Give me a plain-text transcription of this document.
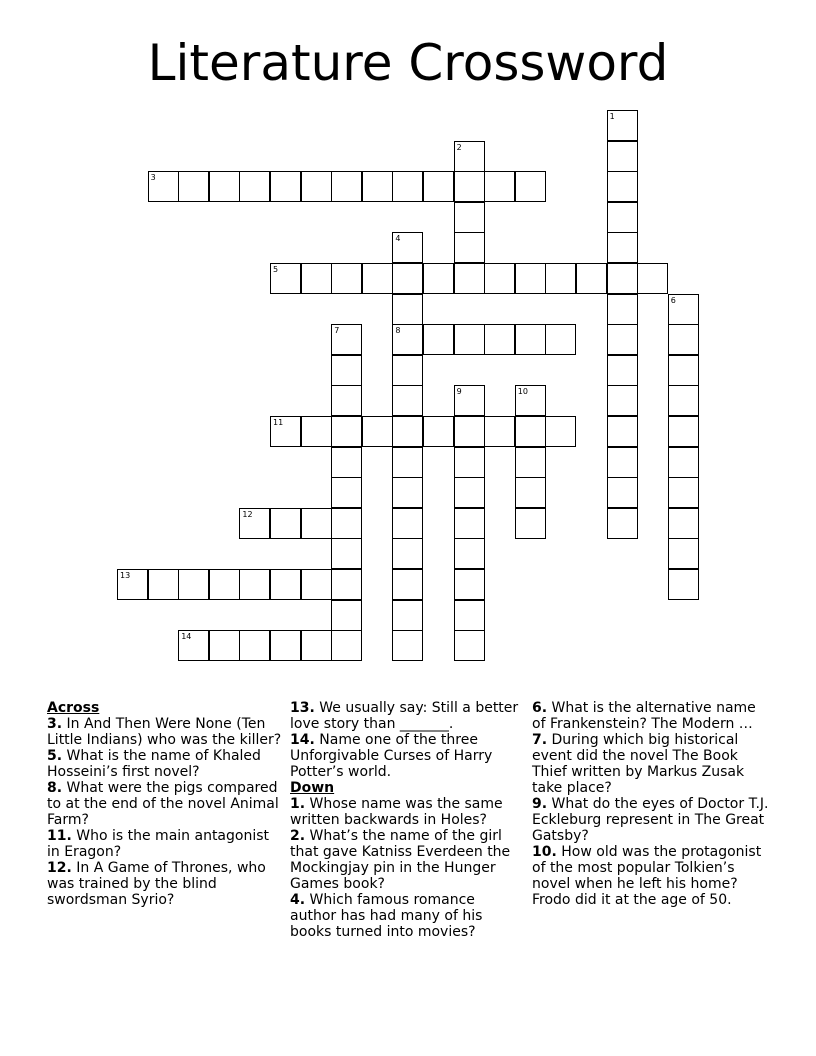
Literature Crossword
3
5
8
11
12
13
14
1
2
4
6
7
9	10
Across
3. In And Then Were None (Ten Little Indians) who was the killer?
5. What is the name of Khaled Hosseini’s first novel?
8. What were the pigs compared to at the end of the novel Animal Farm?
11. Who is the main antagonist in Eragon?
12. In A Game of Thrones, who was trained by the blind swordsman Syrio?
13. We usually say: Still a better love story than _______.
14. Name one of the three Unforgivable Curses of Harry Potter’s world.
Down
1. Whose name was the same written backwards in Holes?
2. What’s the name of the girl that gave Katniss Everdeen the Mockingjay pin in the Hunger Games book?
4. Which famous romance author has had many of his books turned into movies?
6. What is the alternative name of Frankenstein? The Modern …
7. During which big historical event did the novel The Book Thief written by Markus Zusak take place?
9. What do the eyes of Doctor T.J. Eckleburg represent in The Great Gatsby?
10. How old was the protagonist of the most popular Tolkien’s novel when he left his home? Frodo did it at the age of 50.
